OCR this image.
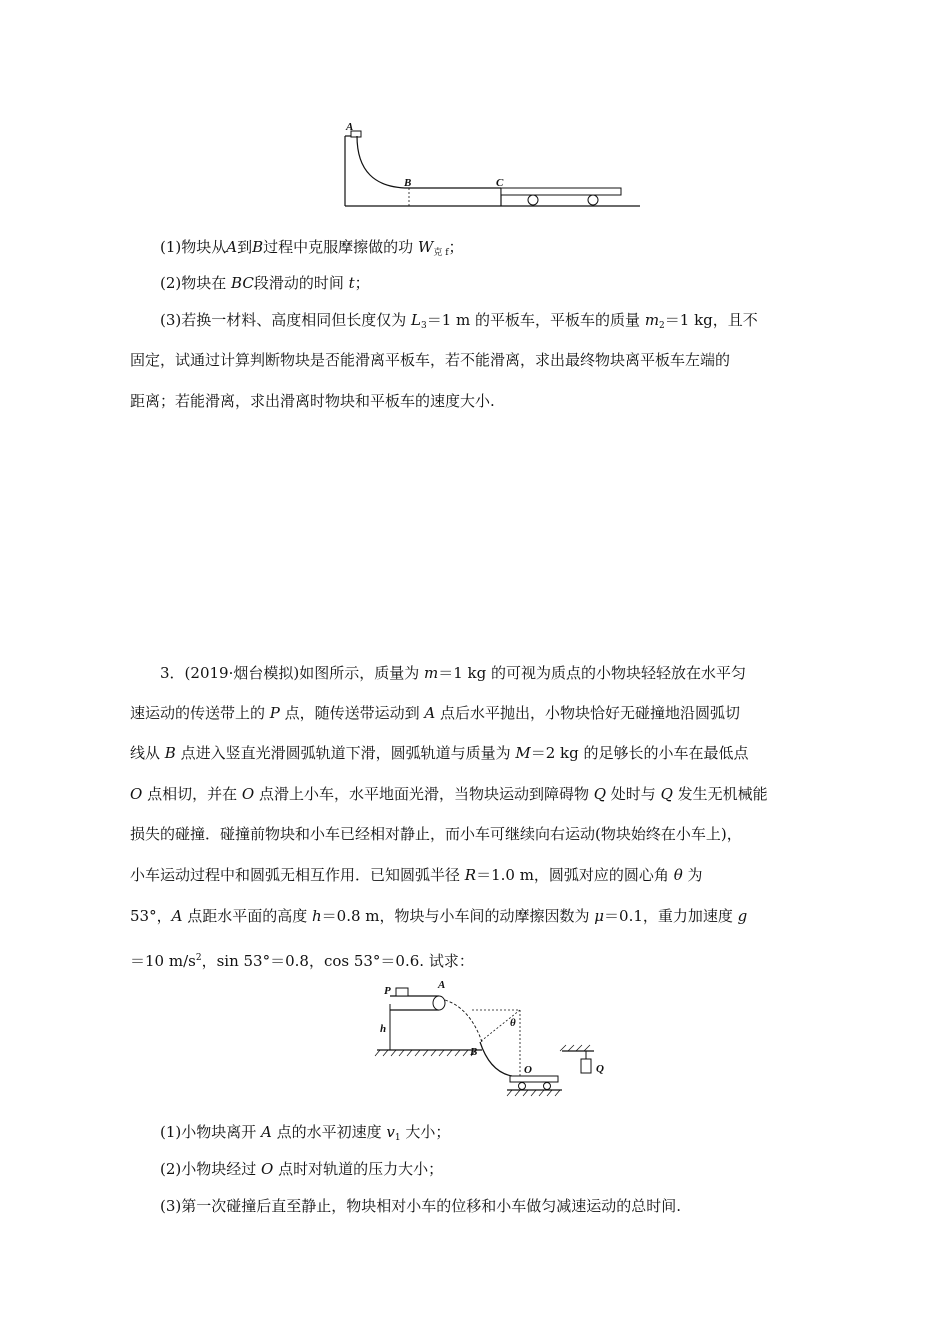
A
B	C
(1)物块从A到B过程中克服摩擦做的功 $W_{克 f}$；
(2)物块在 BC段滑动的时间 t；
(3)若换一材料、高度相同但长度仅为 $L_3=1$ m 的平板车，平板车的质量 $m_2=1$ kg，且不
固定，试通过计算判断物块是否能滑离平板车，若不能滑离，求出最终物块离平板车左端的
距离；若能滑离，求出滑离时物块和平板车的速度大小.
3．(2019·烟台模拟)如图所示，质量为 m＝1 kg 的可视为质点的小物块轻轻放在水平匀
速运动的传送带上的 P 点，随传送带运动到 A 点后水平抛出，小物块恰好无碰撞地沿圆弧切
线从 B 点进入竖直光滑圆弧轨道下滑，圆弧轨道与质量为 M＝2 kg 的足够长的小车在最低点
O 点相切，并在 O 点滑上小车，水平地面光滑，当物块运动到障碍物 Q 处时与 Q 发生无机械能
损失的碰撞．碰撞前物块和小车已经相对静止，而小车可继续向右运动(物块始终在小车上)，
小车运动过程中和圆弧无相互作用．已知圆弧半径 R＝1.0 m，圆弧对应的圆心角 θ 为
53°，A 点距水平面的高度 h＝0.8 m，物块与小车间的动摩擦因数为 μ＝0.1，重力加速度 g
＝10 $m/s^2$，sin 53°＝0.8，cos 53°＝0.6. 试求：
P	A
h
B
O
θ
Q
(1)小物块离开 A 点的水平初速度 $v_1$ 大小；
(2)小物块经过 O 点时对轨道的压力大小；
(3)第一次碰撞后直至静止，物块相对小车的位移和小车做匀减速运动的总时间.
